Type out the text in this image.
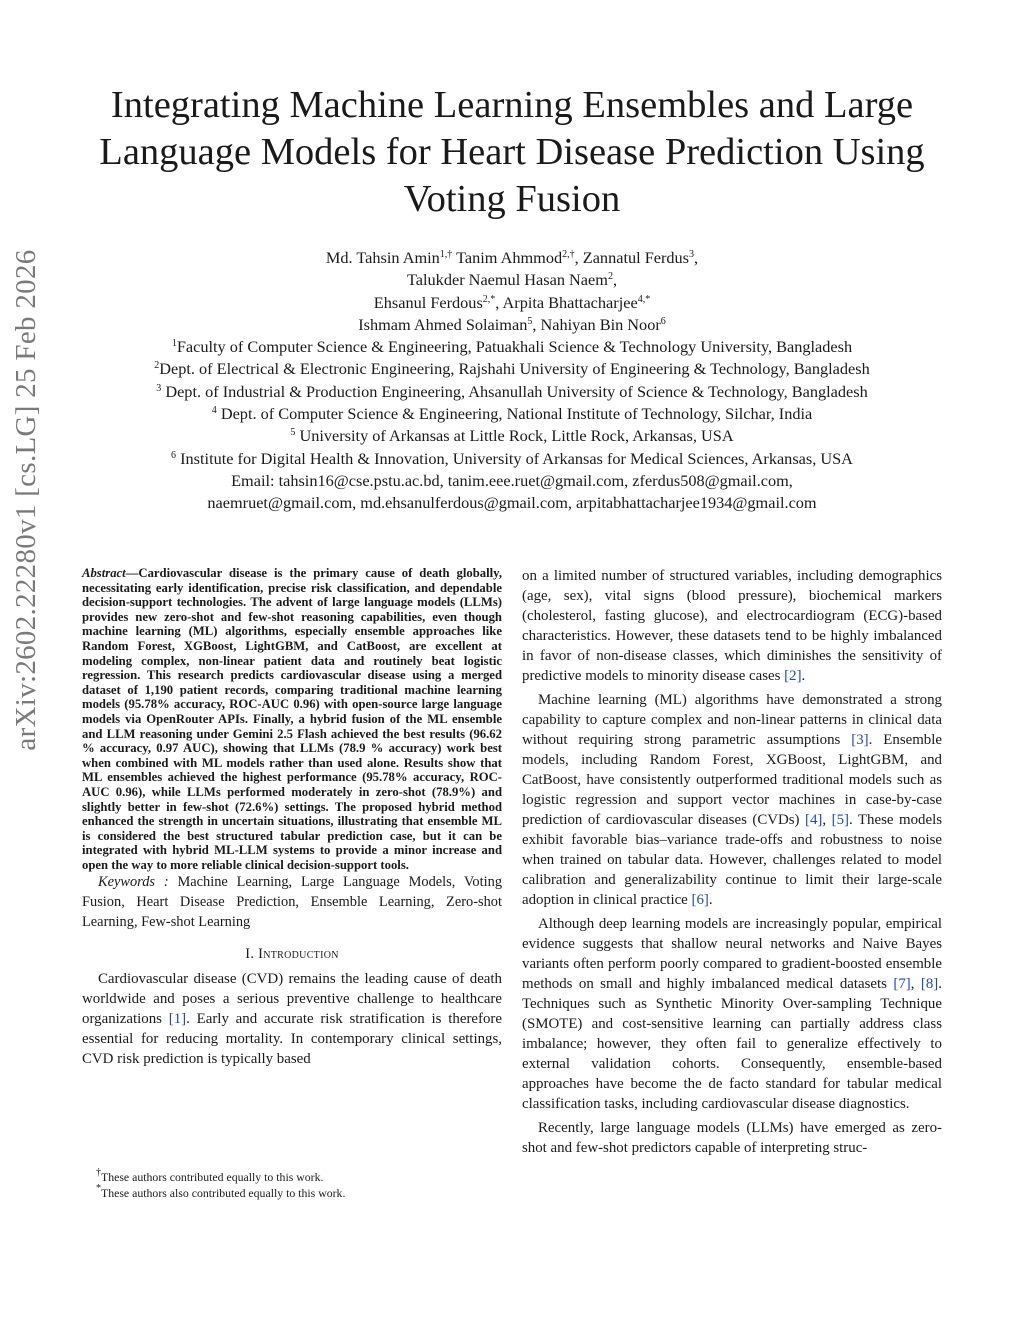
arXiv:2602.22280v1 [cs.LG] 25 Feb 2026
Integrating Machine Learning Ensembles and Large Language Models for Heart Disease Prediction Using Voting Fusion
Md. Tahsin Amin$^{1,\dagger}$ Tanim Ahmmod$^{2,\dagger}$, Zannatul Ferdus$^3$,
Talukder Naemul Hasan Naem$^2$,
Ehsanul Ferdous$^{2,*}$, Arpita Bhattacharjee$^{4,*}$
Ishmam Ahmed Solaiman$^5$, Nahiyan Bin Noor$^6$
$^1$Faculty of Computer Science & Engineering, Patuakhali Science & Technology University, Bangladesh
$^2$Dept. of Electrical & Electronic Engineering, Rajshahi University of Engineering & Technology, Bangladesh
$^3$ Dept. of Industrial & Production Engineering, Ahsanullah University of Science & Technology, Bangladesh
$^4$ Dept. of Computer Science & Engineering, National Institute of Technology, Silchar, India
$^5$ University of Arkansas at Little Rock, Little Rock, Arkansas, USA
$^6$ Institute for Digital Health & Innovation, University of Arkansas for Medical Sciences, Arkansas, USA
Email: tahsin16@cse.pstu.ac.bd, tanim.eee.ruet@gmail.com, zferdus508@gmail.com,
naemruet@gmail.com, md.ehsanulferdous@gmail.com, arpitabhattacharjee1934@gmail.com

Abstract—Cardiovascular disease is the primary cause of death globally, necessitating early identification, precise risk classification, and dependable decision-support technologies. The advent of large language models (LLMs) provides new zero-shot and few-shot reasoning capabilities, even though machine learning (ML) algorithms, especially ensemble approaches like Random Forest, XGBoost, LightGBM, and CatBoost, are excellent at modeling complex, non-linear patient data and routinely beat logistic regression. This research predicts cardiovascular disease using a merged dataset of 1,190 patient records, comparing traditional machine learning models (95.78% accuracy, ROC-AUC 0.96) with open-source large language models via OpenRouter APIs. Finally, a hybrid fusion of the ML ensemble and LLM reasoning under Gemini 2.5 Flash achieved the best results (96.62 % accuracy, 0.97 AUC), showing that LLMs (78.9 % accuracy) work best when combined with ML models rather than used alone. Results show that ML ensembles achieved the highest performance (95.78% accuracy, ROC-AUC 0.96), while LLMs performed moderately in zero-shot (78.9%) and slightly better in few-shot (72.6%) settings. The proposed hybrid method enhanced the strength in uncertain situations, illustrating that ensemble ML is considered the best structured tabular prediction case, but it can be integrated with hybrid ML-LLM systems to provide a minor increase and open the way to more reliable clinical decision-support tools.

Keywords : Machine Learning, Large Language Models, Voting Fusion, Heart Disease Prediction, Ensemble Learning, Zero-shot Learning, Few-shot Learning

I. Introduction

Cardiovascular disease (CVD) remains the leading cause of death worldwide and poses a serious preventive challenge to healthcare organizations [1]. Early and accurate risk stratification is therefore essential for reducing mortality. In contemporary clinical settings, CVD risk prediction is typically based

†These authors contributed equally to this work.
*These authors also contributed equally to this work.

on a limited number of structured variables, including demographics (age, sex), vital signs (blood pressure), biochemical markers (cholesterol, fasting glucose), and electrocardiogram (ECG)-based characteristics. However, these datasets tend to be highly imbalanced in favor of non-disease classes, which diminishes the sensitivity of predictive models to minority disease cases [2].

Machine learning (ML) algorithms have demonstrated a strong capability to capture complex and non-linear patterns in clinical data without requiring strong parametric assumptions [3]. Ensemble models, including Random Forest, XGBoost, LightGBM, and CatBoost, have consistently outperformed traditional models such as logistic regression and support vector machines in case-by-case prediction of cardiovascular diseases (CVDs) [4], [5]. These models exhibit favorable bias–variance trade-offs and robustness to noise when trained on tabular data. However, challenges related to model calibration and generalizability continue to limit their large-scale adoption in clinical practice [6].

Although deep learning models are increasingly popular, empirical evidence suggests that shallow neural networks and Naive Bayes variants often perform poorly compared to gradient-boosted ensemble methods on small and highly imbalanced medical datasets [7], [8]. Techniques such as Synthetic Minority Over-sampling Technique (SMOTE) and cost-sensitive learning can partially address class imbalance; however, they often fail to generalize effectively to external validation cohorts. Consequently, ensemble-based approaches have become the de facto standard for tabular medical classification tasks, including cardiovascular disease diagnostics.

Recently, large language models (LLMs) have emerged as zero-shot and few-shot predictors capable of interpreting struc-
